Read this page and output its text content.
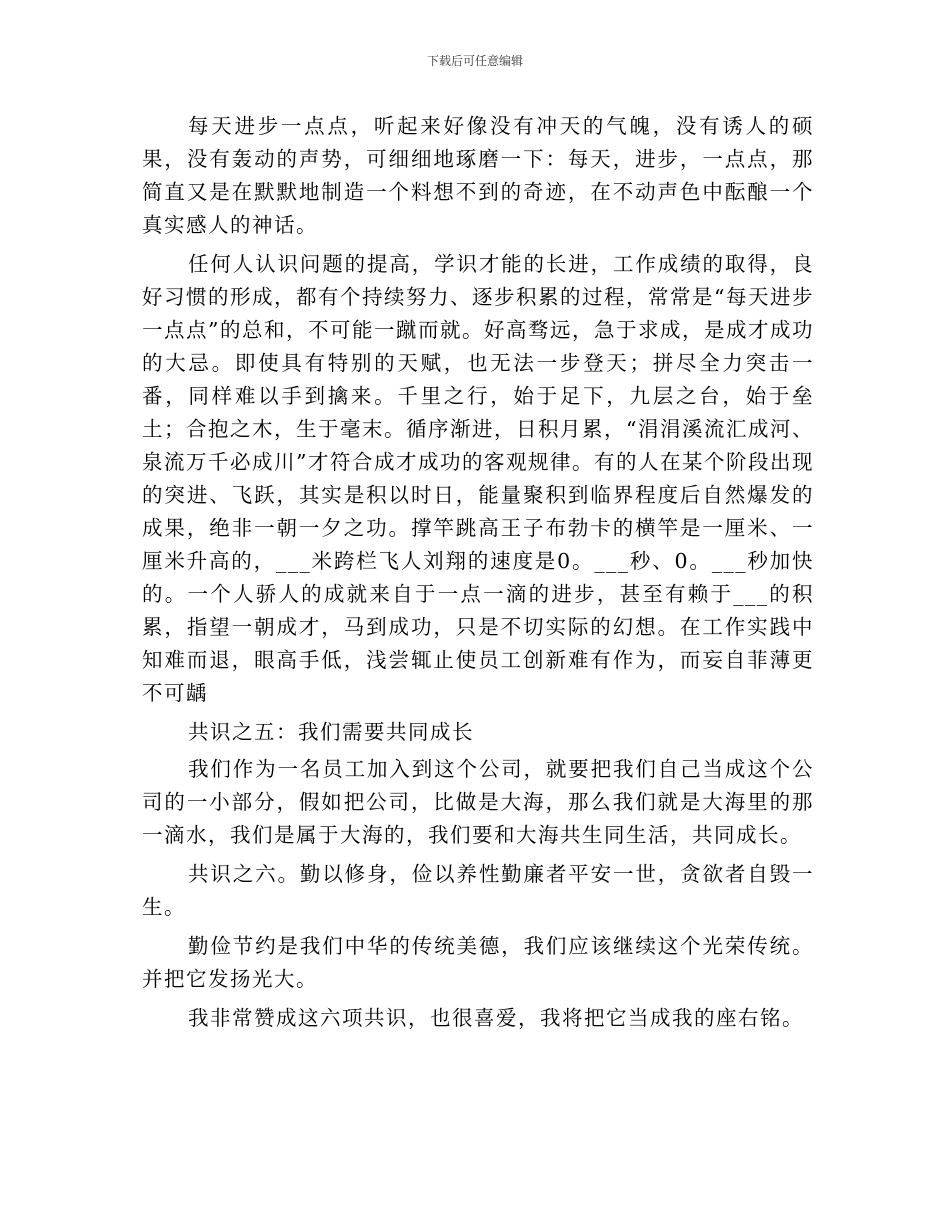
下载后可任意编辑

每天进步一点点，听起来好像没有冲天的气魄，没有诱人的硕果，没有轰动的声势，可细细地琢磨一下：每天，进步，一点点，那简直又是在默默地制造一个料想不到的奇迹，在不动声色中酝酿一个真实感人的神话。

任何人认识问题的提高，学识才能的长进，工作成绩的取得，良好习惯的形成，都有个持续努力、逐步积累的过程，常常是“每天进步一点点”的总和，不可能一蹴而就。好高骛远，急于求成，是成才成功的大忌。即使具有特别的天赋，也无法一步登天；拼尽全力突击一番，同样难以手到擒来。千里之行，始于足下，九层之台，始于垒土；合抱之木，生于毫末。循序渐进，日积月累，“涓涓溪流汇成河、泉流万千必成川”才符合成才成功的客观规律。有的人在某个阶段出现的突进、飞跃，其实是积以时日，能量聚积到临界程度后自然爆发的成果，绝非一朝一夕之功。撑竿跳高王子布勃卡的横竿是一厘米、一厘米升高的，___米跨栏飞人刘翔的速度是0。___秒、0。___秒加快的。一个人骄人的成就来自于一点一滴的进步，甚至有赖于___的积累，指望一朝成才，马到成功，只是不切实际的幻想。在工作实践中知难而退，眼高手低，浅尝辄止使员工创新难有作为，而妄自菲薄更不可龋

共识之五：我们需要共同成长

我们作为一名员工加入到这个公司，就要把我们自己当成这个公司的一小部分，假如把公司，比做是大海，那么我们就是大海里的那一滴水，我们是属于大海的，我们要和大海共生同生活，共同成长。

共识之六。勤以修身，俭以养性勤廉者平安一世，贪欲者自毁一生。

勤俭节约是我们中华的传统美德，我们应该继续这个光荣传统。并把它发扬光大。

我非常赞成这六项共识，也很喜爱，我将把它当成我的座右铭。
